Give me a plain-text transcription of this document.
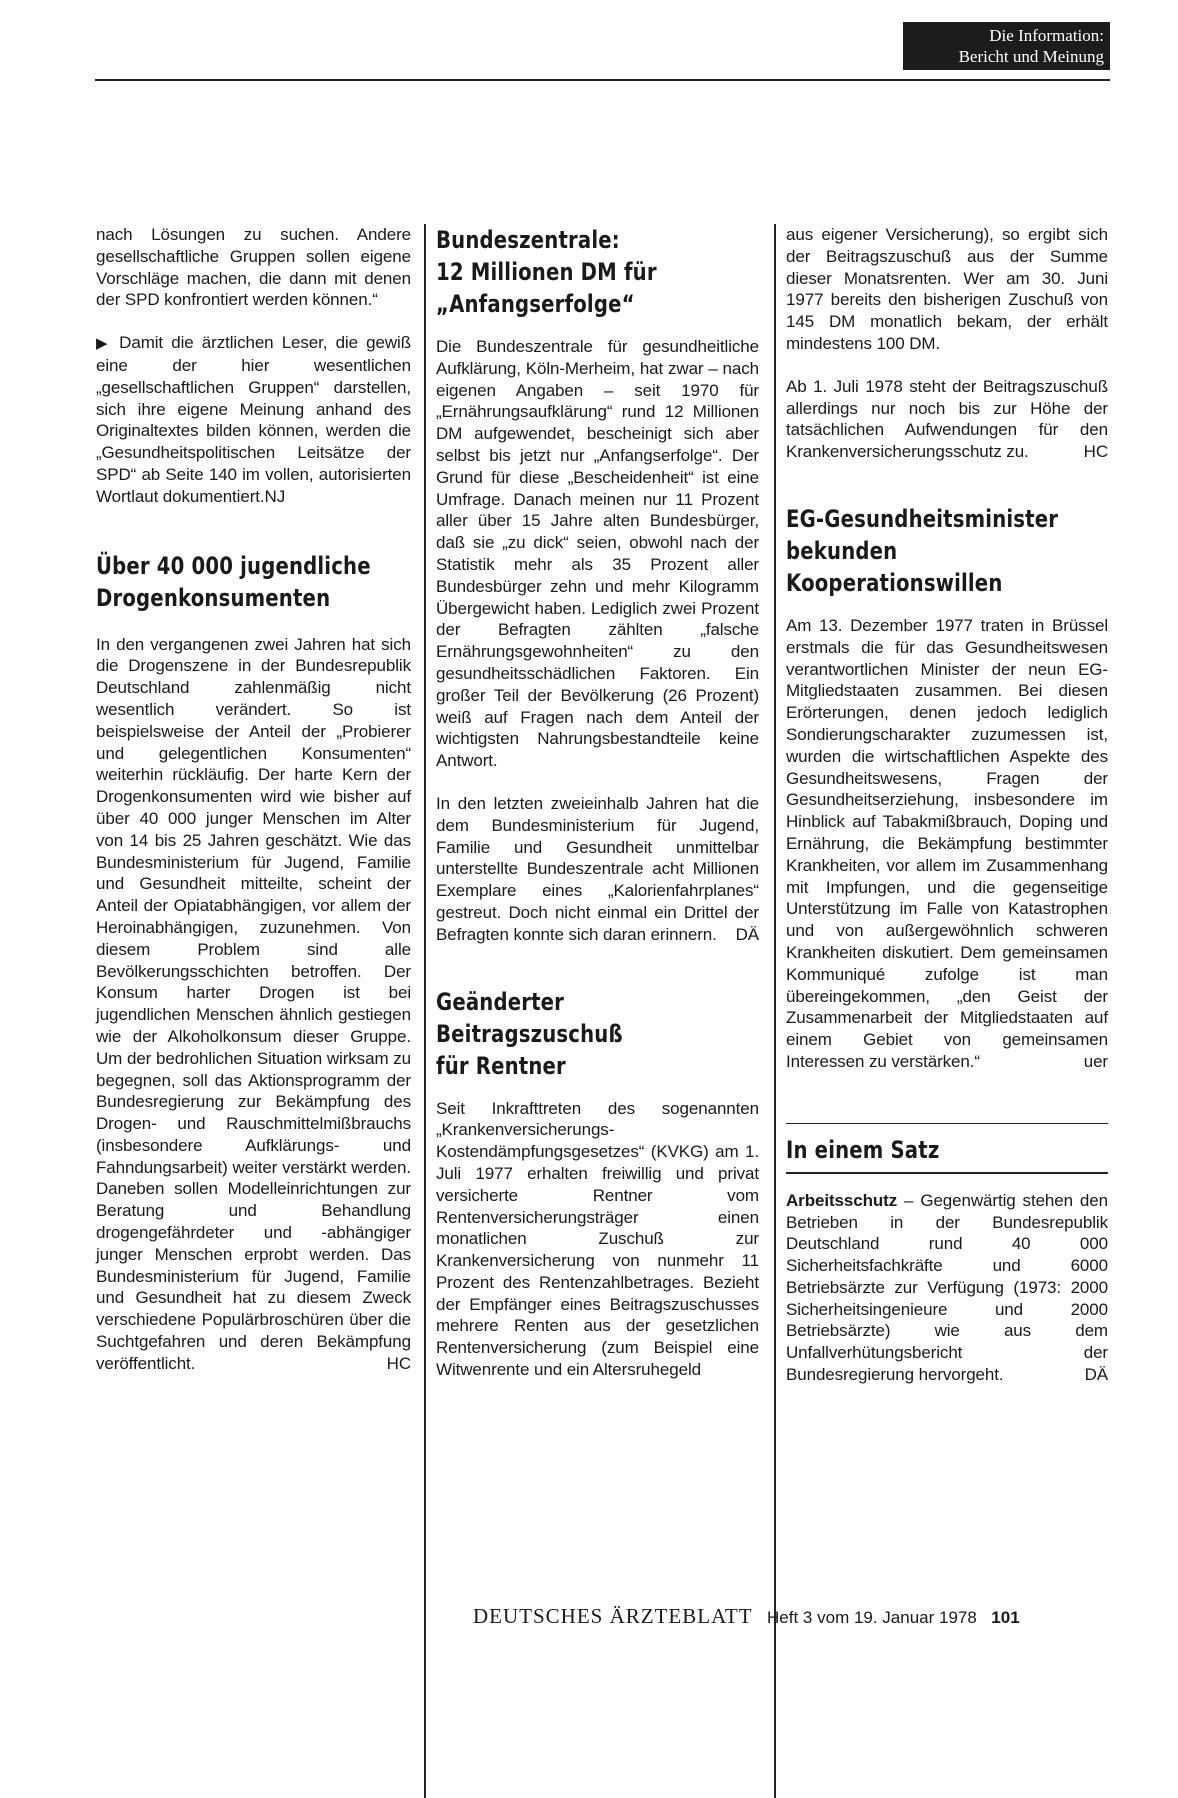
Die Information:
Bericht und Meinung

nach Lösungen zu suchen. Andere gesellschaftliche Gruppen sollen eigene Vorschläge machen, die dann mit denen der SPD konfrontiert werden können.“

▶ Damit die ärztlichen Leser, die gewiß eine der hier wesentlichen „gesellschaftlichen Gruppen“ darstellen, sich ihre eigene Meinung anhand des Originaltextes bilden können, werden die „Gesundheitspolitischen Leitsätze der SPD“ ab Seite 140 im vollen, autorisierten Wortlaut dokumentiert.NJ

Über 40 000 jugendliche
Drogenkonsumenten

In den vergangenen zwei Jahren hat sich die Drogenszene in der Bundesrepublik Deutschland zahlenmäßig nicht wesentlich verändert. So ist beispielsweise der Anteil der „Probierer und gelegentlichen Konsumenten“ weiterhin rückläufig. Der harte Kern der Drogenkonsumenten wird wie bisher auf über 40 000 junger Menschen im Alter von 14 bis 25 Jahren geschätzt. Wie das Bundesministerium für Jugend, Familie und Gesundheit mitteilte, scheint der Anteil der Opiatabhängigen, vor allem der Heroinabhängigen, zuzunehmen. Von diesem Problem sind alle Bevölkerungsschichten betroffen. Der Konsum harter Drogen ist bei jugendlichen Menschen ähnlich gestiegen wie der Alkoholkonsum dieser Gruppe. Um der bedrohlichen Situation wirksam zu begegnen, soll das Aktionsprogramm der Bundesregierung zur Bekämpfung des Drogen- und Rauschmittelmißbrauchs (insbesondere Aufklärungs- und Fahndungsarbeit) weiter verstärkt werden. Daneben sollen Modelleinrichtungen zur Beratung und Behandlung drogengefährdeter und -abhängiger junger Menschen erprobt werden. Das Bundesministerium für Jugend, Familie und Gesundheit hat zu diesem Zweck verschiedene Populärbroschüren über die Suchtgefahren und deren Bekämpfung veröffentlicht.	HC

Bundeszentrale:
12 Millionen DM für
„Anfangserfolge“

Die Bundeszentrale für gesundheitliche Aufklärung, Köln-Merheim, hat zwar – nach eigenen Angaben – seit 1970 für „Ernährungsaufklärung“ rund 12 Millionen DM aufgewendet, bescheinigt sich aber selbst bis jetzt nur „Anfangserfolge“. Der Grund für diese „Bescheidenheit“ ist eine Umfrage. Danach meinen nur 11 Prozent aller über 15 Jahre alten Bundesbürger, daß sie „zu dick“ seien, obwohl nach der Statistik mehr als 35 Prozent aller Bundesbürger zehn und mehr Kilogramm Übergewicht haben. Lediglich zwei Prozent der Befragten zählten „falsche Ernährungsgewohnheiten“ zu den gesundheitsschädlichen Faktoren. Ein großer Teil der Bevölkerung (26 Prozent) weiß auf Fragen nach dem Anteil der wichtigsten Nahrungsbestandteile keine Antwort.

In den letzten zweieinhalb Jahren hat die dem Bundesministerium für Jugend, Familie und Gesundheit unmittelbar unterstellte Bundeszentrale acht Millionen Exemplare eines „Kalorienfahrplanes“ gestreut. Doch nicht einmal ein Drittel der Befragten konnte sich daran erinnern. DÄ

Geänderter
Beitragszuschuß
für Rentner

Seit Inkrafttreten des sogenannten „Krankenversicherungs-Kostendämpfungsgesetzes“ (KVKG) am 1. Juli 1977 erhalten freiwillig und privat versicherte Rentner vom Rentenversicherungsträger einen monatlichen Zuschuß zur Krankenversicherung von nunmehr 11 Prozent des Rentenzahlbetrages. Bezieht der Empfänger eines Beitragszuschusses mehrere Renten aus der gesetzlichen Rentenversicherung (zum Beispiel eine Witwenrente und ein Altersruhegeld

aus eigener Versicherung), so ergibt sich der Beitragszuschuß aus der Summe dieser Monatsrenten. Wer am 30. Juni 1977 bereits den bisherigen Zuschuß von 145 DM monatlich bekam, der erhält mindestens 100 DM.

Ab 1. Juli 1978 steht der Beitragszuschuß allerdings nur noch bis zur Höhe der tatsächlichen Aufwendungen für den Krankenversicherungsschutz zu.	HC

EG-Gesundheitsminister
bekunden
Kooperationswillen

Am 13. Dezember 1977 traten in Brüssel erstmals die für das Gesundheitswesen verantwortlichen Minister der neun EG-Mitgliedstaaten zusammen. Bei diesen Erörterungen, denen jedoch lediglich Sondierungscharakter zuzumessen ist, wurden die wirtschaftlichen Aspekte des Gesundheitswesens, Fragen der Gesundheitserziehung, insbesondere im Hinblick auf Tabakmißbrauch, Doping und Ernährung, die Bekämpfung bestimmter Krankheiten, vor allem im Zusammenhang mit Impfungen, und die gegenseitige Unterstützung im Falle von Katastrophen und von außergewöhnlich schweren Krankheiten diskutiert. Dem gemeinsamen Kommuniqué zufolge ist man übereingekommen, „den Geist der Zusammenarbeit der Mitgliedstaaten auf einem Gebiet von gemeinsamen Interessen zu verstärken.“	uer

In einem Satz

Arbeitsschutz – Gegenwärtig stehen den Betrieben in der Bundesrepublik Deutschland rund 40 000 Sicherheitsfachkräfte und 6000 Betriebsärzte zur Verfügung (1973: 2000 Sicherheitsingenieure und 2000 Betriebsärzte) wie aus dem Unfallverhütungsbericht der Bundesregierung hervorgeht.	DÄ

DEUTSCHES ÄRZTEBLATT Heft 3 vom 19. Januar 1978 101
